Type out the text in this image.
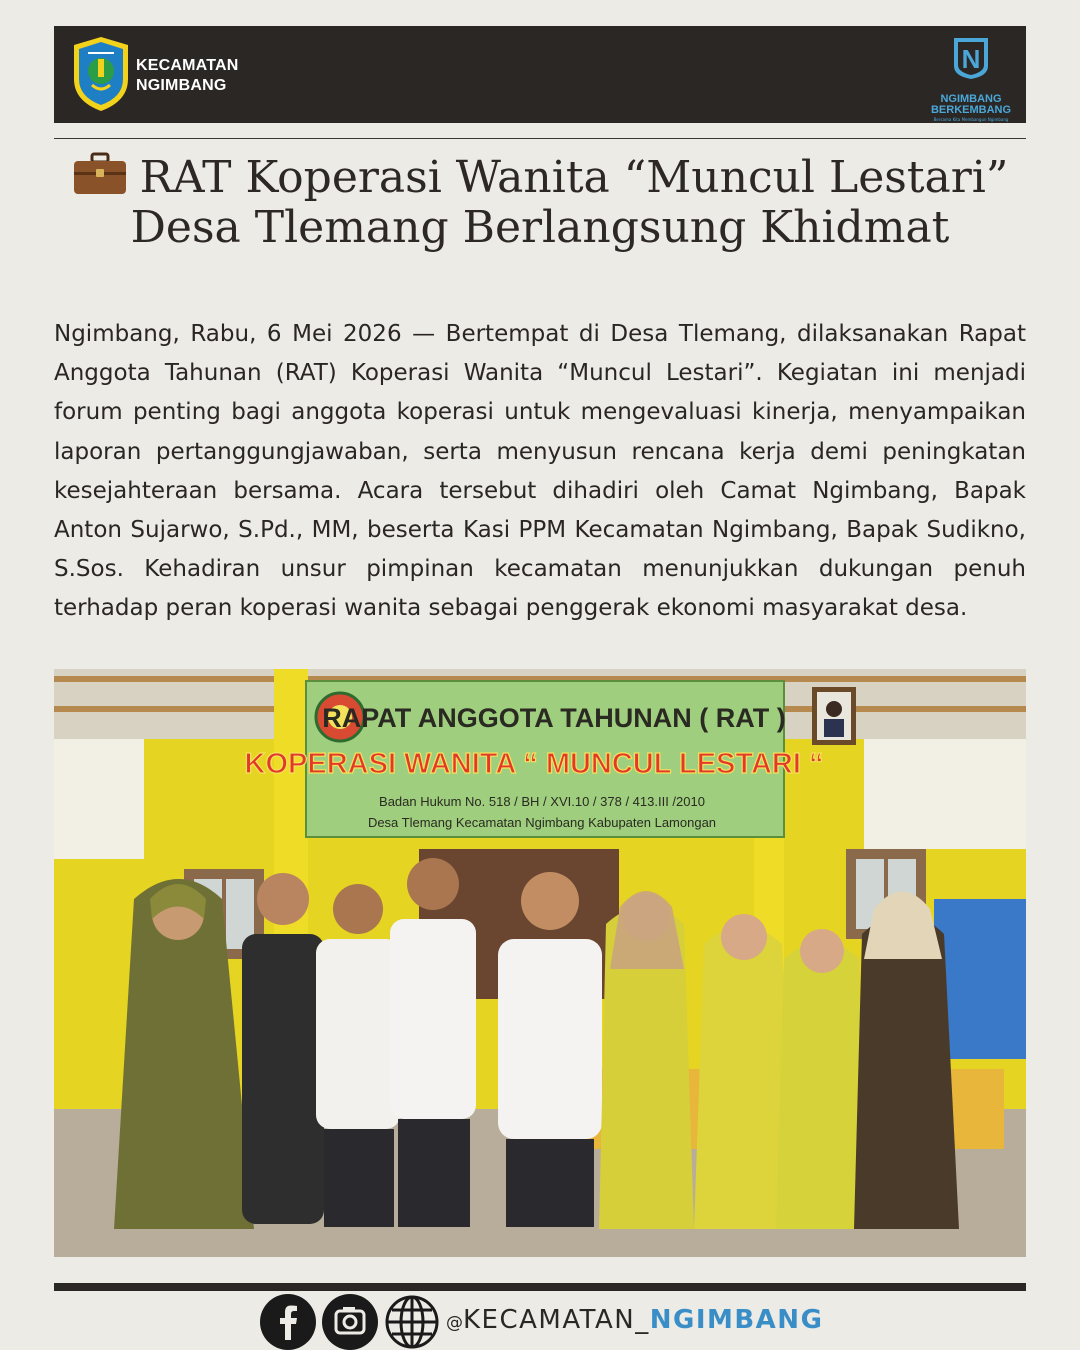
KECAMATAN
NGIMBANG
N
NGIMBANG
BERKEMBANG
Bersama Kita Membangun Ngimbang
RAT Koperasi Wanita “Muncul Lestari” Desa Tlemang Berlangsung Khidmat

Ngimbang, Rabu, 6 Mei 2026 — Bertempat di Desa Tlemang, dilaksanakan Rapat Anggota Tahunan (RAT) Koperasi Wanita “Muncul Lestari”. Kegiatan ini menjadi forum penting bagi anggota koperasi untuk mengevaluasi kinerja, menyampaikan laporan pertanggungjawaban, serta menyusun rencana kerja demi peningkatan kesejahteraan bersama. Acara tersebut dihadiri oleh Camat Ngimbang, Bapak Anton Sujarwo, S.Pd., MM, beserta Kasi PPM Kecamatan Ngimbang, Bapak Sudikno, S.Sos. Kehadiran unsur pimpinan kecamatan menunjukkan dukungan penuh terhadap peran koperasi wanita sebagai penggerak ekonomi masyarakat desa.

RAPAT ANGGOTA TAHUNAN ( RAT )
KOPERASI WANITA “ MUNCUL LESTARI “
Badan Hukum No. 518 / BH / XVI.10 / 378 / 413.III /2010
Desa Tlemang Kecamatan Ngimbang Kabupaten Lamongan
@KECAMATAN_NGIMBANG
